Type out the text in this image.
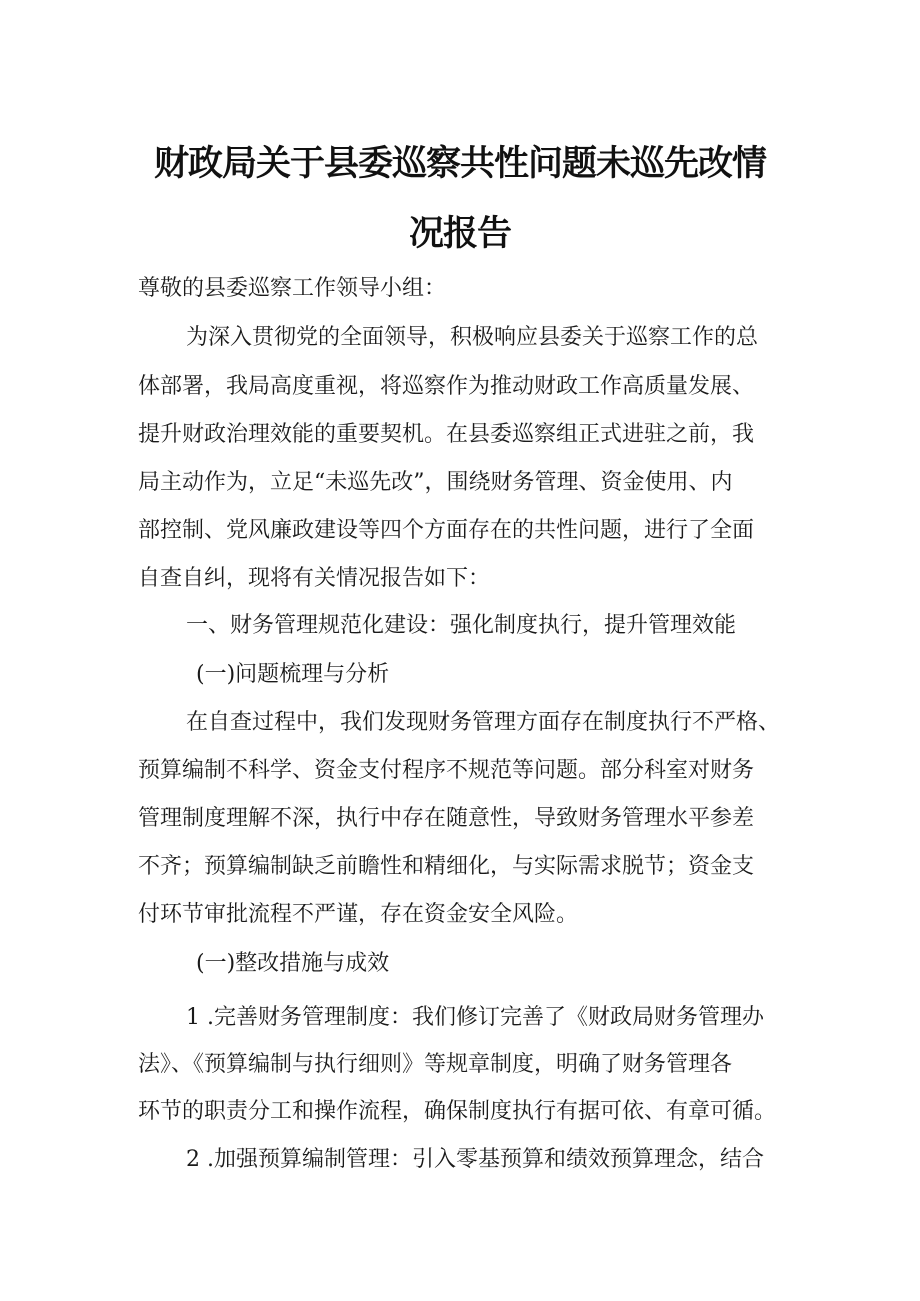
财政局关于县委巡察共性问题未巡先改情
况报告

尊敬的县委巡察工作领导小组：

为深入贯彻党的全面领导，积极响应县委关于巡察工作的总

体部署，我局高度重视，将巡察作为推动财政工作高质量发展、

提升财政治理效能的重要契机。在县委巡察组正式进驻之前，我

局主动作为，立足“未巡先改”，围绕财务管理、资金使用、内

部控制、党风廉政建设等四个方面存在的共性问题，进行了全面

自查自纠，现将有关情况报告如下：

一、财务管理规范化建设：强化制度执行，提升管理效能

(一)问题梳理与分析

在自查过程中，我们发现财务管理方面存在制度执行不严格、

预算编制不科学、资金支付程序不规范等问题。部分科室对财务

管理制度理解不深，执行中存在随意性，导致财务管理水平参差

不齐；预算编制缺乏前瞻性和精细化，与实际需求脱节；资金支

付环节审批流程不严谨，存在资金安全风险。

(一)整改措施与成效

1 .完善财务管理制度：我们修订完善了《财政局财务管理办

法》、《预算编制与执行细则》等规章制度，明确了财务管理各

环节的职责分工和操作流程，确保制度执行有据可依、有章可循。

2 .加强预算编制管理：引入零基预算和绩效预算理念，结合
